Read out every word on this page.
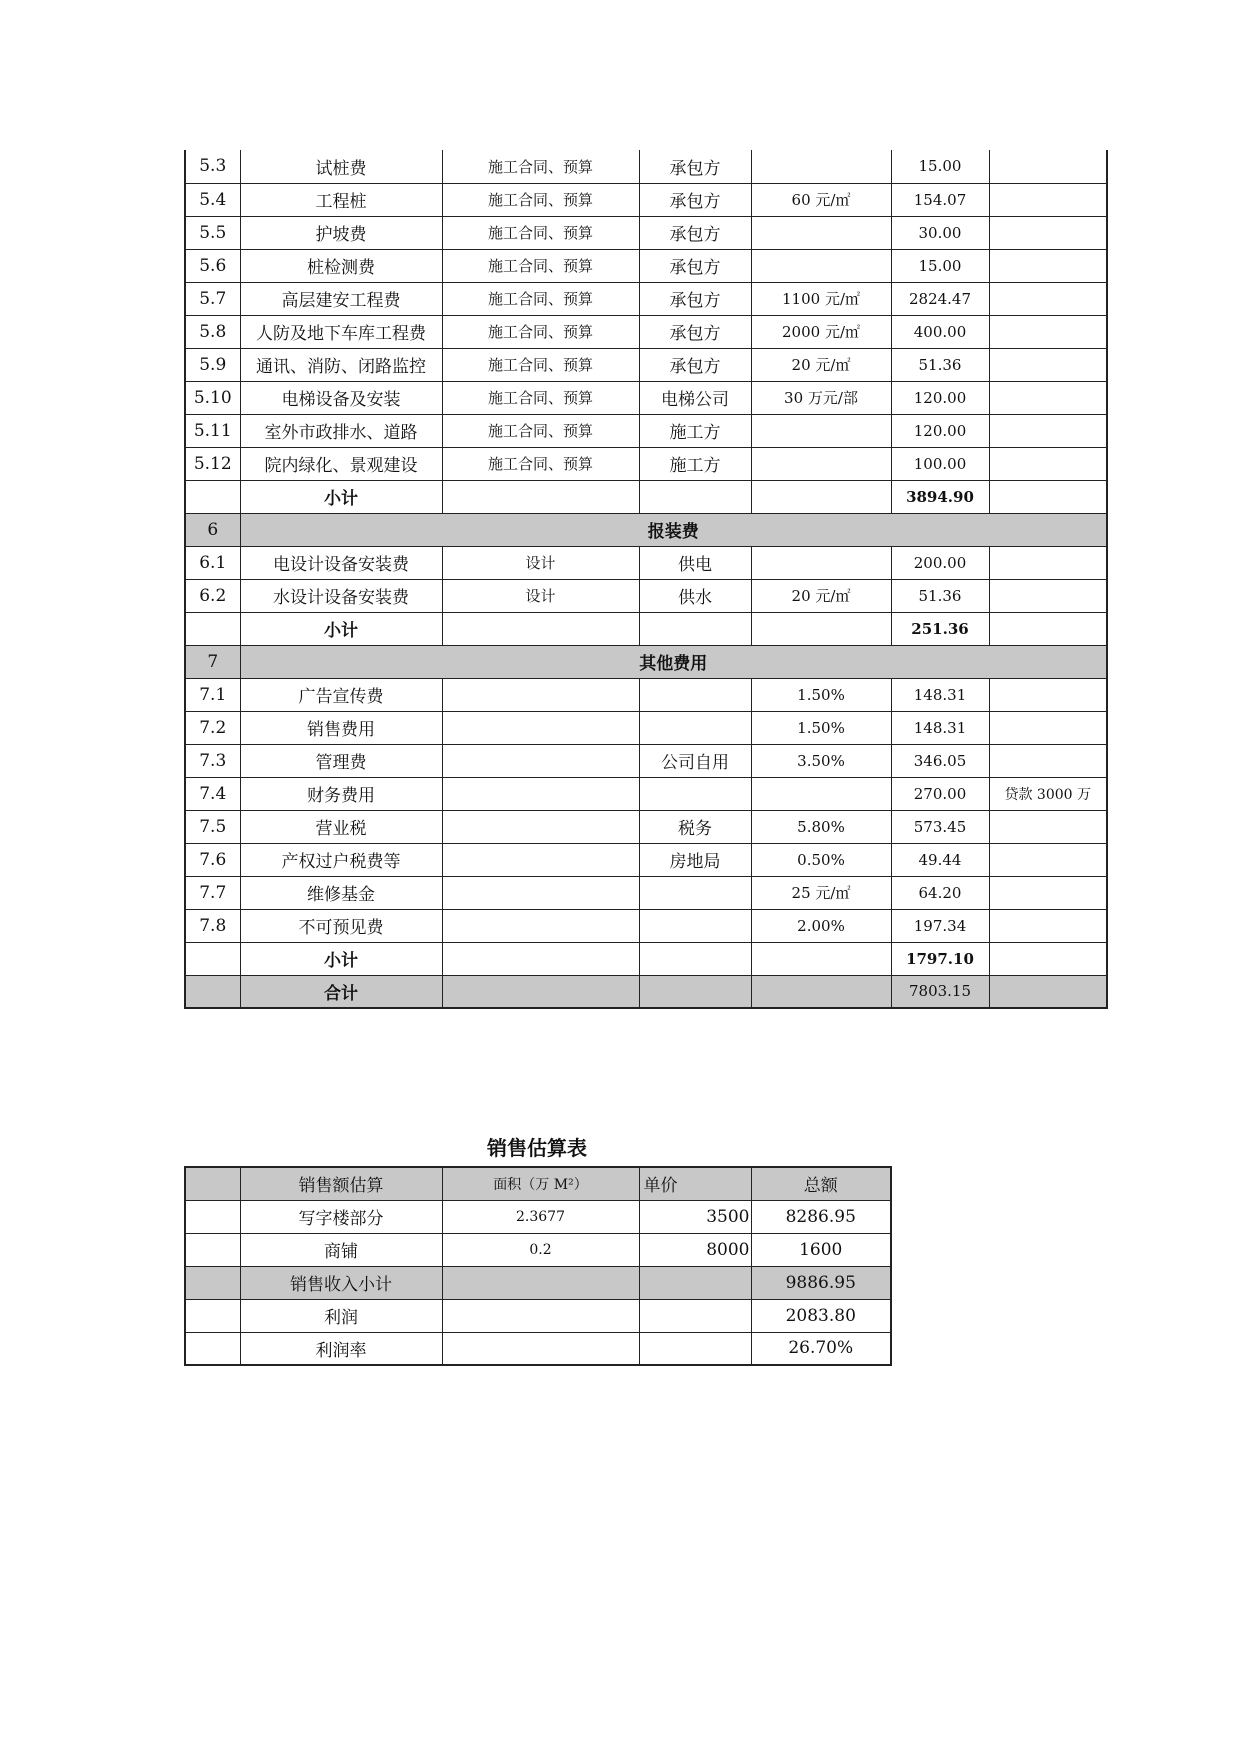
5.3	试桩费	施工合同、预算	承包方		15.00	
5.4	工程桩	施工合同、预算	承包方	60 元/㎡	154.07	
5.5	护坡费	施工合同、预算	承包方		30.00	
5.6	桩检测费	施工合同、预算	承包方		15.00	
5.7	高层建安工程费	施工合同、预算	承包方	1100 元/㎡	2824.47	
5.8	人防及地下车库工程费	施工合同、预算	承包方	2000 元/㎡	400.00	
5.9	通讯、消防、闭路监控	施工合同、预算	承包方	20 元/㎡	51.36	
5.10	电梯设备及安装	施工合同、预算	电梯公司	30 万元/部	120.00	
5.11	室外市政排水、道路	施工合同、预算	施工方		120.00	
5.12	院内绿化、景观建设	施工合同、预算	施工方		100.00	
	小计				3894.90	
6	报装费					
6.1	电设计设备安装费	设计	供电		200.00	
6.2	水设计设备安装费	设计	供水	20 元/㎡	51.36	
	小计				251.36	
7	其他费用					
7.1	广告宣传费			1.50%	148.31	
7.2	销售费用			1.50%	148.31	
7.3	管理费		公司自用	3.50%	346.05	
7.4	财务费用				270.00	贷款 3000 万
7.5	营业税		税务	5.80%	573.45	
7.6	产权过户税费等		房地局	0.50%	49.44	
7.7	维修基金			25 元/㎡	64.20	
7.8	不可预见费			2.00%	197.34	
	小计				1797.10	
	合计				7803.15	
销售估算表
	销售额估算	面积（万 M²）	单价	总额
	写字楼部分	2.3677	3500	8286.95
	商铺	0.2	8000	1600
	销售收入小计			9886.95
	利润			2083.80
	利润率			26.70%
